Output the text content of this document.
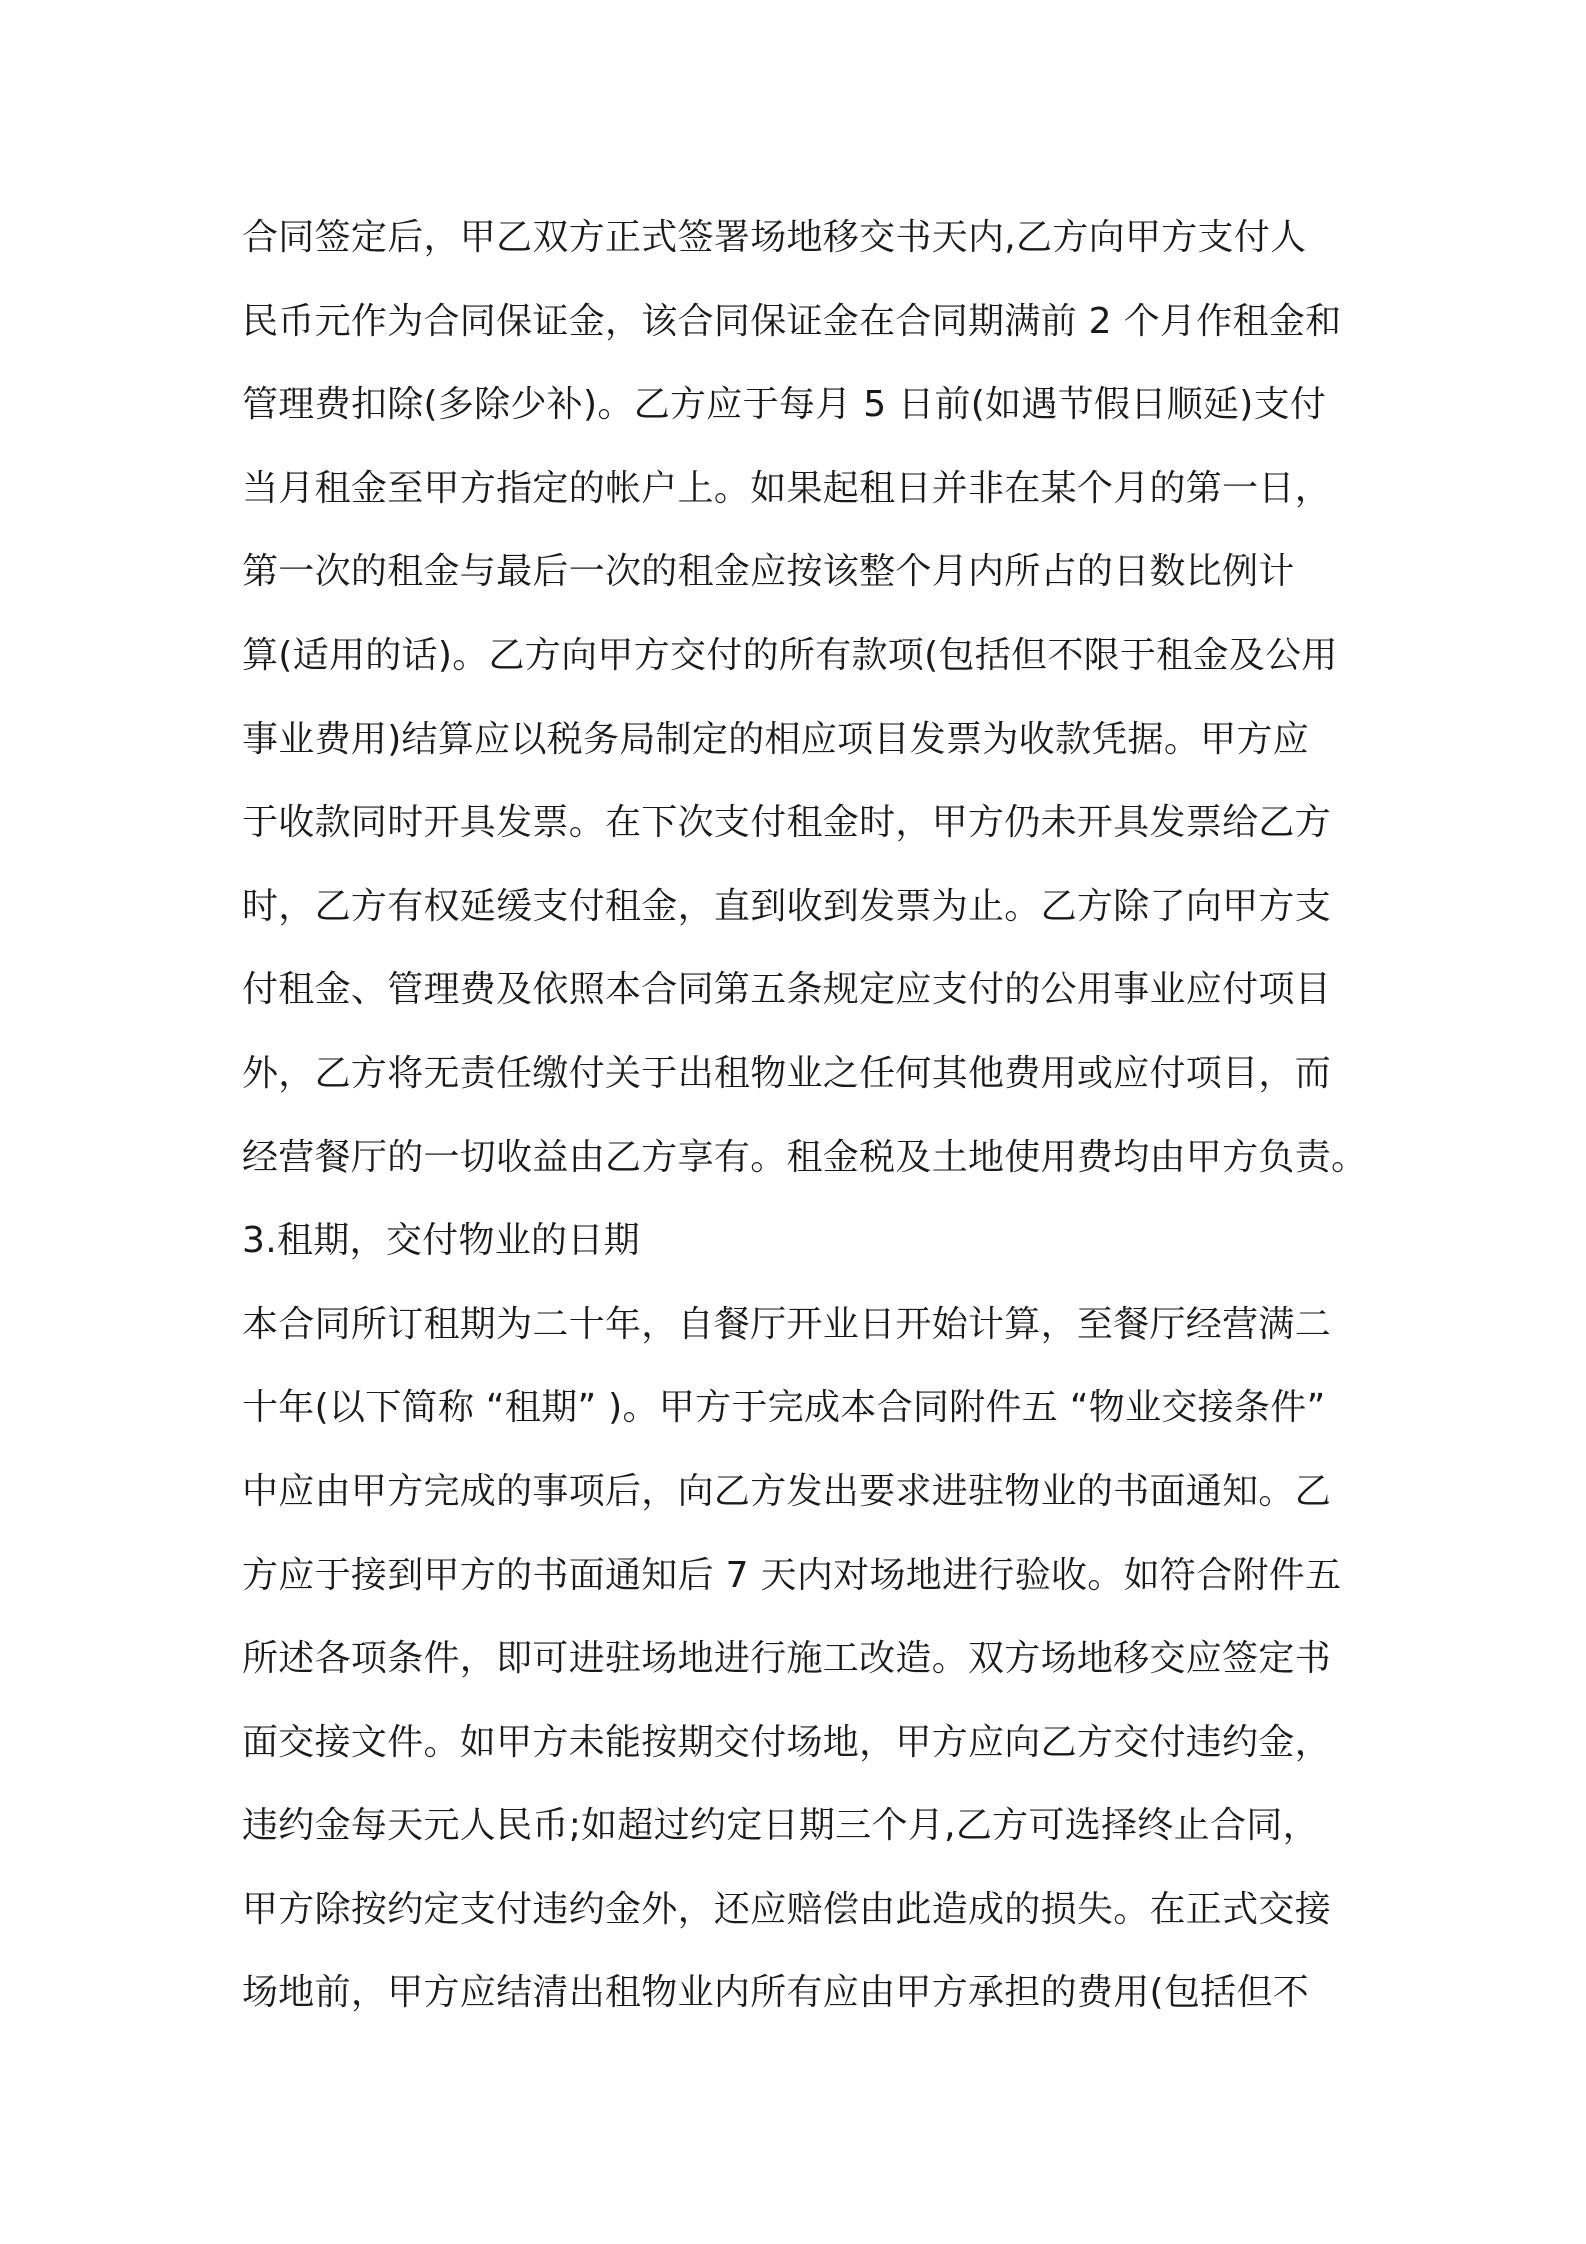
合同签定后，甲乙双方正式签署场地移交书天内,乙方向甲方支付人
民币元作为合同保证金，该合同保证金在合同期满前 2 个月作租金和
管理费扣除(多除少补)。乙方应于每月 5 日前(如遇节假日顺延)支付
当月租金至甲方指定的帐户上。如果起租日并非在某个月的第一日，
第一次的租金与最后一次的租金应按该整个月内所占的日数比例计
算(适用的话)。乙方向甲方交付的所有款项(包括但不限于租金及公用
事业费用)结算应以税务局制定的相应项目发票为收款凭据。甲方应
于收款同时开具发票。在下次支付租金时，甲方仍未开具发票给乙方
时，乙方有权延缓支付租金，直到收到发票为止。乙方除了向甲方支
付租金、管理费及依照本合同第五条规定应支付的公用事业应付项目
外，乙方将无责任缴付关于出租物业之任何其他费用或应付项目，而
经营餐厅的一切收益由乙方享有。租金税及土地使用费均由甲方负责。
3.租期，交付物业的日期
本合同所订租期为二十年，自餐厅开业日开始计算，至餐厅经营满二
十年(以下简称 “租期” )。甲方于完成本合同附件五 “物业交接条件”
中应由甲方完成的事项后，向乙方发出要求进驻物业的书面通知。乙
方应于接到甲方的书面通知后 7 天内对场地进行验收。如符合附件五
所述各项条件，即可进驻场地进行施工改造。双方场地移交应签定书
面交接文件。如甲方未能按期交付场地，甲方应向乙方交付违约金，
违约金每天元人民币;如超过约定日期三个月,乙方可选择终止合同，
甲方除按约定支付违约金外，还应赔偿由此造成的损失。在正式交接
场地前，甲方应结清出租物业内所有应由甲方承担的费用(包括但不
